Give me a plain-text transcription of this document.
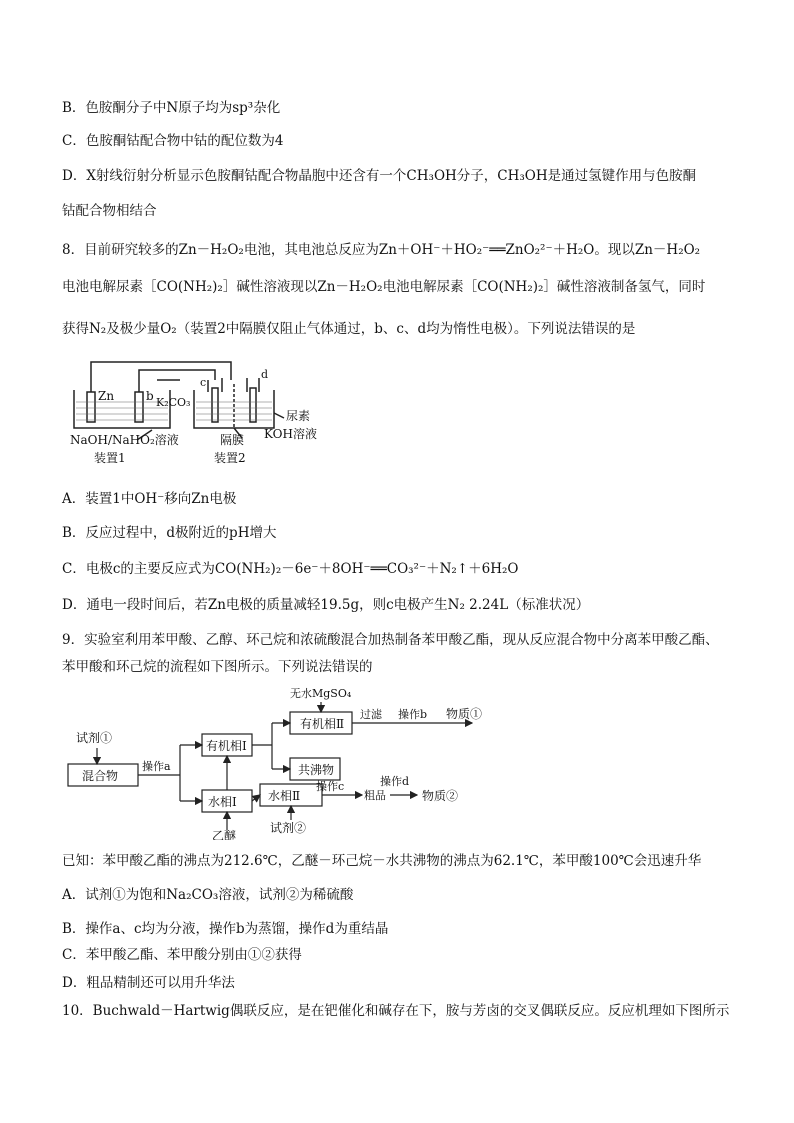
B．色胺酮分子中N原子均为sp³杂化
C．色胺酮钴配合物中钴的配位数为4
D．X射线衍射分析显示色胺酮钴配合物晶胞中还含有一个CH₃OH分子，CH₃OH是通过氢键作用与色胺酮
钴配合物相结合
8．目前研究较多的Zn－H₂O₂电池，其电池总反应为Zn＋OH⁻＋HO₂⁻══ZnO₂²⁻＋H₂O。现以Zn－H₂O₂
电池电解尿素［CO(NH₂)₂］碱性溶液现以Zn－H₂O₂电池电解尿素［CO(NH₂)₂］碱性溶液制备氢气，同时
获得N₂及极少量O₂（装置2中隔膜仅阻止气体通过，b、c、d均为惰性电极）。下列说法错误的是
Zn	b K₂CO₃
c
d
尿素
KOH溶液
NaOH/NaHO₂溶液	隔膜
装置1	装置2
A．装置1中OH⁻移向Zn电极
B．反应过程中，d极附近的pH增大
C．电极c的主要反应式为CO(NH₂)₂－6e⁻＋8OH⁻══CO₃²⁻＋N₂↑＋6H₂O
D．通电一段时间后，若Zn电极的质量减轻19.5g，则c电极产生N₂ 2.24L（标准状况）
9．实验室利用苯甲酸、乙醇、环己烷和浓硫酸混合加热制备苯甲酸乙酯，现从反应混合物中分离苯甲酸乙酯、
苯甲酸和环己烷的流程如下图所示。下列说法错误的
试剂①
混合物
操作a
有机相Ⅰ
水相Ⅰ
无水MgSO₄
有机相Ⅱ
过滤 操作b 物质①
共沸物
水相Ⅱ
操作c
粗品
操作d
物质②
乙醚
试剂②
已知：苯甲酸乙酯的沸点为212.6℃，乙醚－环己烷－水共沸物的沸点为62.1℃，苯甲酸100℃会迅速升华
A．试剂①为饱和Na₂CO₃溶液，试剂②为稀硫酸
B．操作a、c均为分液，操作b为蒸馏，操作d为重结晶
C．苯甲酸乙酯、苯甲酸分别由①②获得
D．粗品精制还可以用升华法
10．Buchwald－Hartwig偶联反应，是在钯催化和碱存在下，胺与芳卤的交叉偶联反应。反应机理如下图所示
